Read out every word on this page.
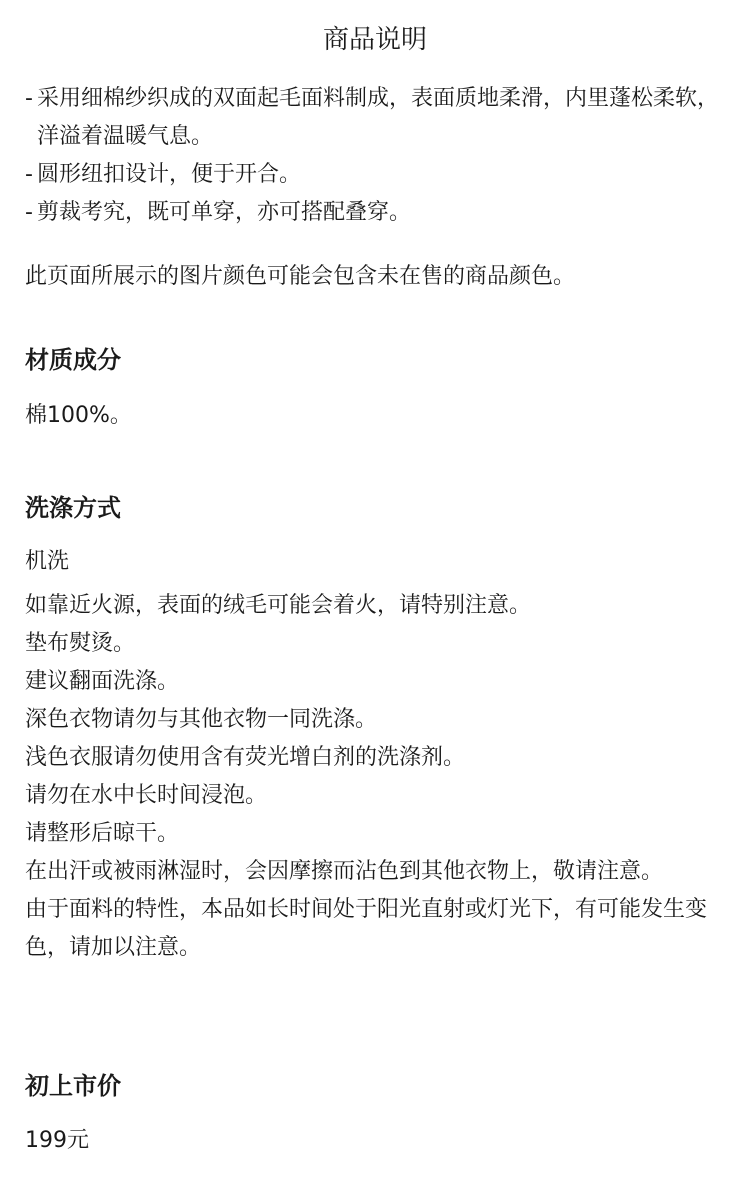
商品说明
- 采用细棉纱织成的双面起毛面料制成，表面质地柔滑，内里蓬松柔软，洋溢着温暖气息。
- 圆形纽扣设计，便于开合。
- 剪裁考究，既可单穿，亦可搭配叠穿。

此页面所展示的图片颜色可能会包含未在售的商品颜色。

材质成分

棉100%。

洗涤方式

机洗

如靠近火源，表面的绒毛可能会着火，请特别注意。
垫布熨烫。
建议翻面洗涤。
深色衣物请勿与其他衣物一同洗涤。
浅色衣服请勿使用含有荧光增白剂的洗涤剂。
请勿在水中长时间浸泡。
请整形后晾干。
在出汗或被雨淋湿时，会因摩擦而沾色到其他衣物上，敬请注意。
由于面料的特性，本品如长时间处于阳光直射或灯光下，有可能发生变色，请加以注意。
初上市价

199元
